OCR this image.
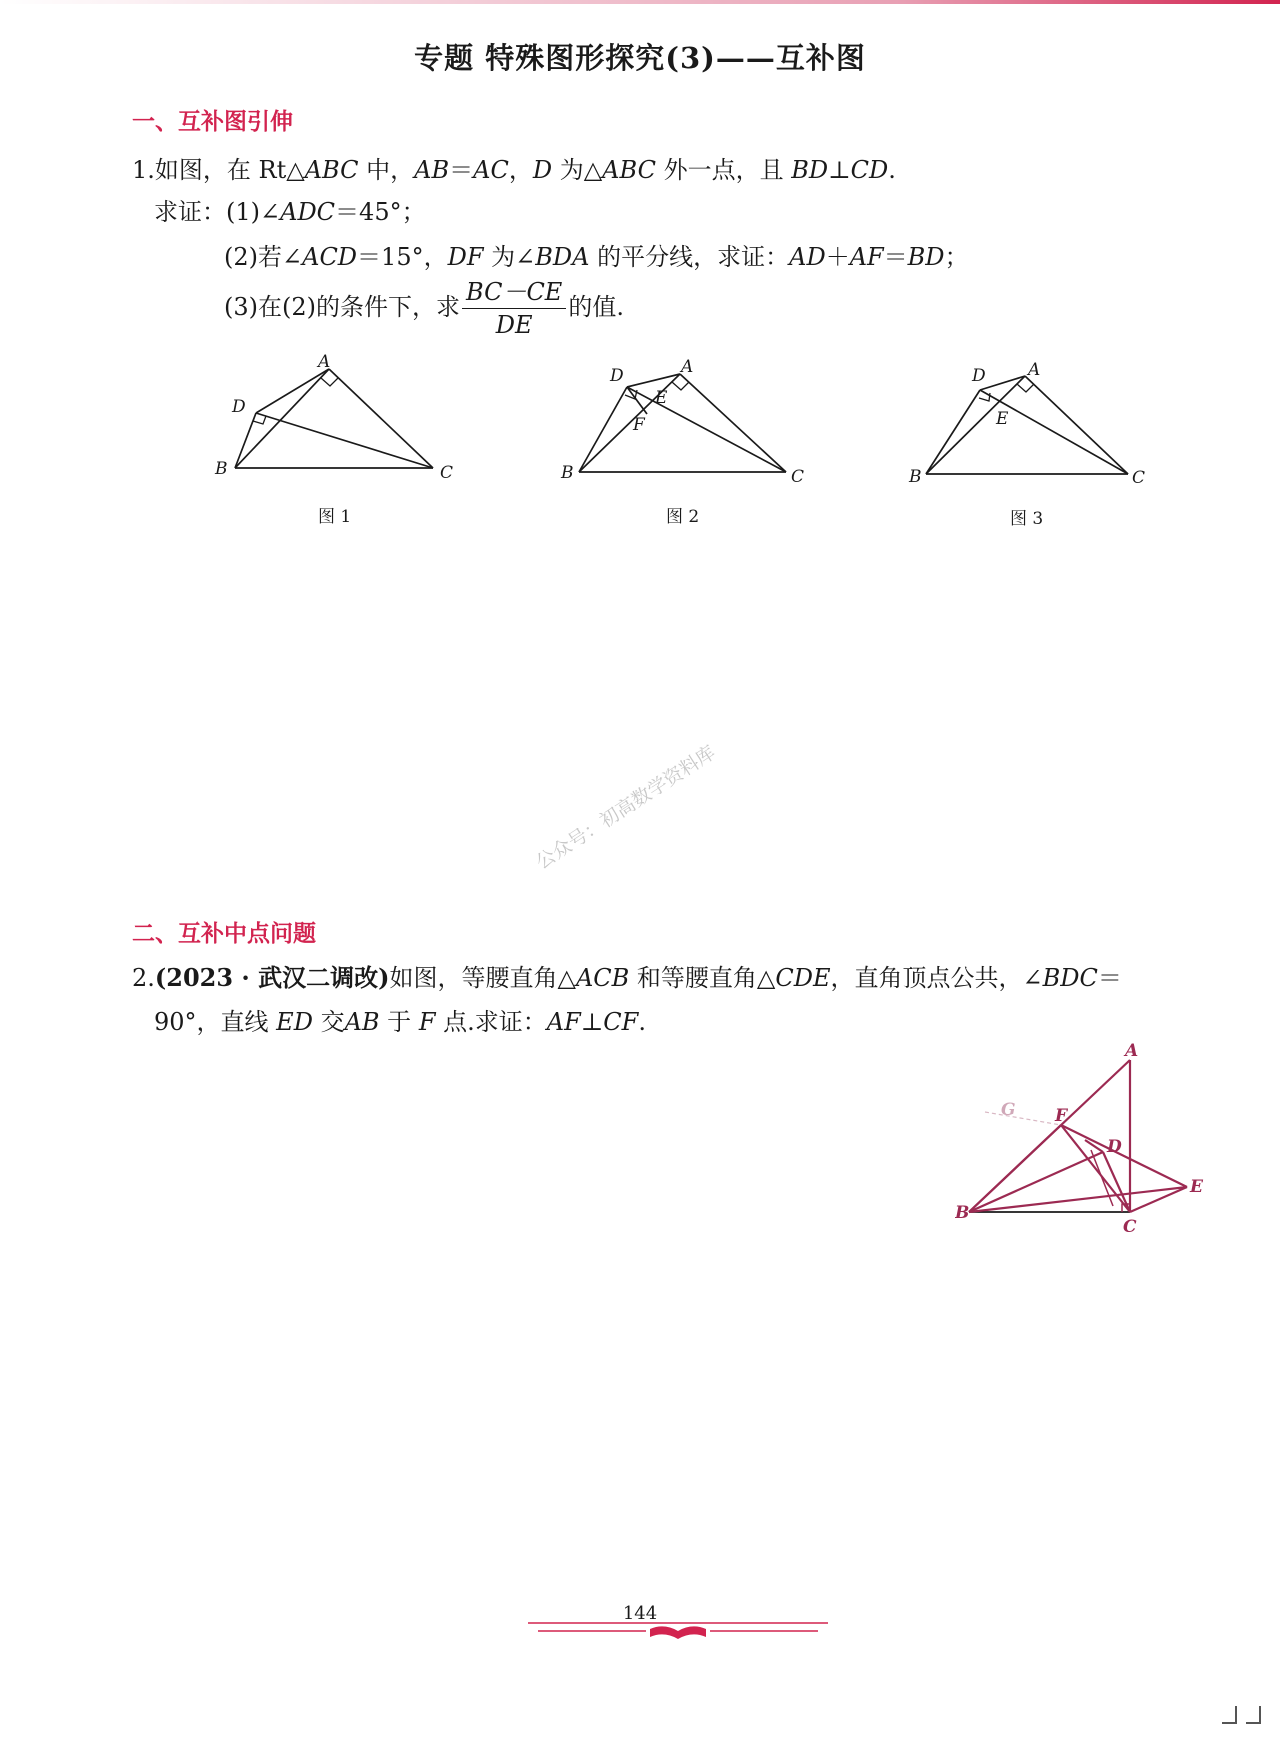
专题 特殊图形探究(3)——互补图
一、互补图引伸
1.如图，在 Rt△ABC 中，AB＝AC，D 为△ABC 外一点，且 BD⊥CD.
求证：(1)∠ADC＝45°；
(2)若∠ACD＝15°，DF 为∠BDA 的平分线，求证：AD＋AF＝BD；
(3)在(2)的条件下，求 $\frac{BC-CE}{DE}$ 的值.
A
D
B	C
图 1
A
D
E
F
B	C
图 2
A
D
E
B	C
图 3
公众号：初高数学资料库
二、互补中点问题
2.(2023 · 武汉二调改)如图，等腰直角△ACB 和等腰直角△CDE，直角顶点公共，∠BDC＝
90°，直线 ED 交AB 于 F 点.求证：AF⊥CF.
A
F
D
E
B
C
G
144
